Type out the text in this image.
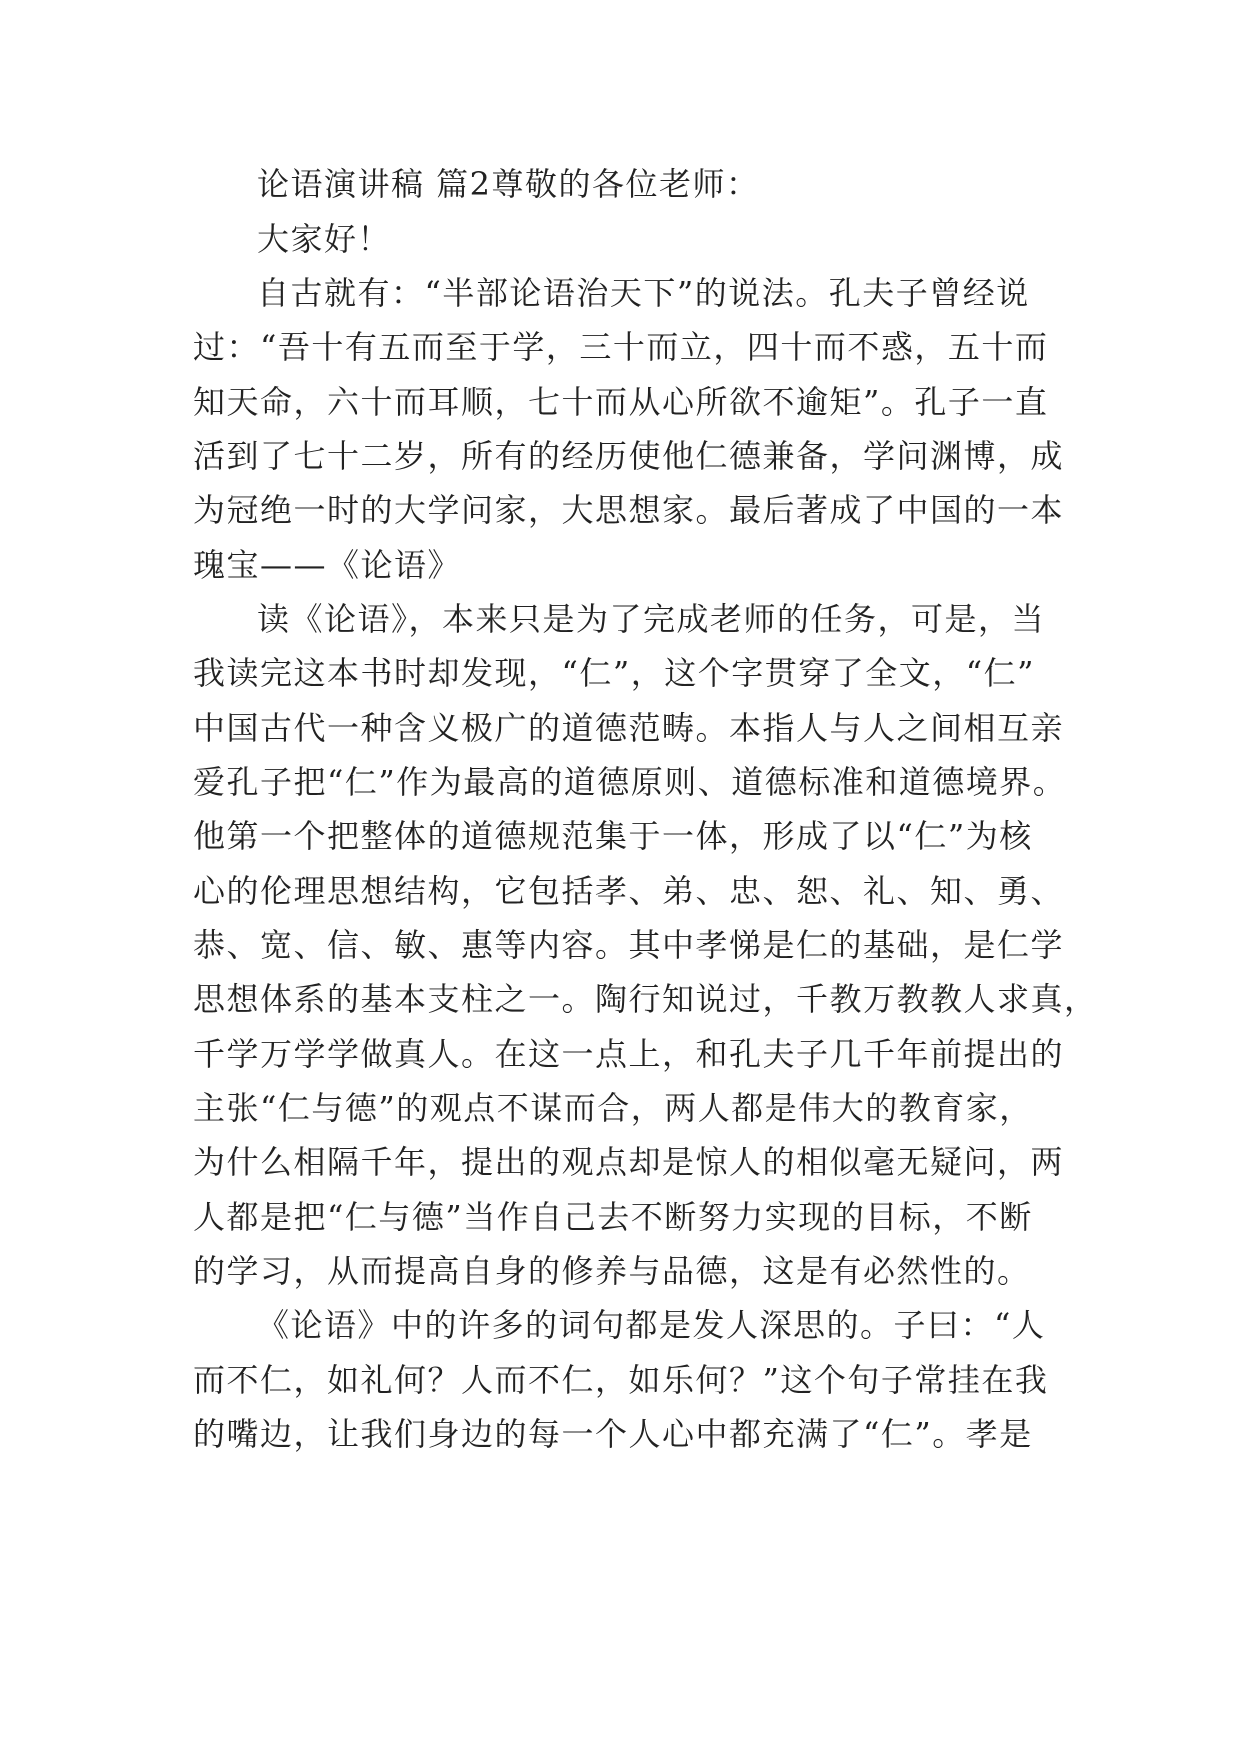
论语演讲稿 篇2尊敬的各位老师：
大家好！
自古就有：“半部论语治天下”的说法。孔夫子曾经说
过：“吾十有五而至于学，三十而立，四十而不惑，五十而
知天命，六十而耳顺，七十而从心所欲不逾矩”。孔子一直
活到了七十二岁，所有的经历使他仁德兼备，学问渊博，成
为冠绝一时的大学问家，大思想家。最后著成了中国的一本
瑰宝——《论语》
读《论语》，本来只是为了完成老师的任务，可是，当
我读完这本书时却发现，“仁”，这个字贯穿了全文，“仁”
中国古代一种含义极广的道德范畴。本指人与人之间相互亲
爱孔子把“仁”作为最高的道德原则、道德标准和道德境界。
他第一个把整体的道德规范集于一体，形成了以“仁”为核
心的伦理思想结构，它包括孝、弟、忠、恕、礼、知、勇、
恭、宽、信、敏、惠等内容。其中孝悌是仁的基础，是仁学
思想体系的基本支柱之一。陶行知说过，千教万教教人求真，
千学万学学做真人。在这一点上，和孔夫子几千年前提出的
主张“仁与德”的观点不谋而合，两人都是伟大的教育家，
为什么相隔千年，提出的观点却是惊人的相似毫无疑问，两
人都是把“仁与德”当作自己去不断努力实现的目标，不断
的学习，从而提高自身的修养与品德，这是有必然性的。
《论语》中的许多的词句都是发人深思的。子曰：“人
而不仁，如礼何？人而不仁，如乐何？”这个句子常挂在我
的嘴边，让我们身边的每一个人心中都充满了“仁”。孝是
